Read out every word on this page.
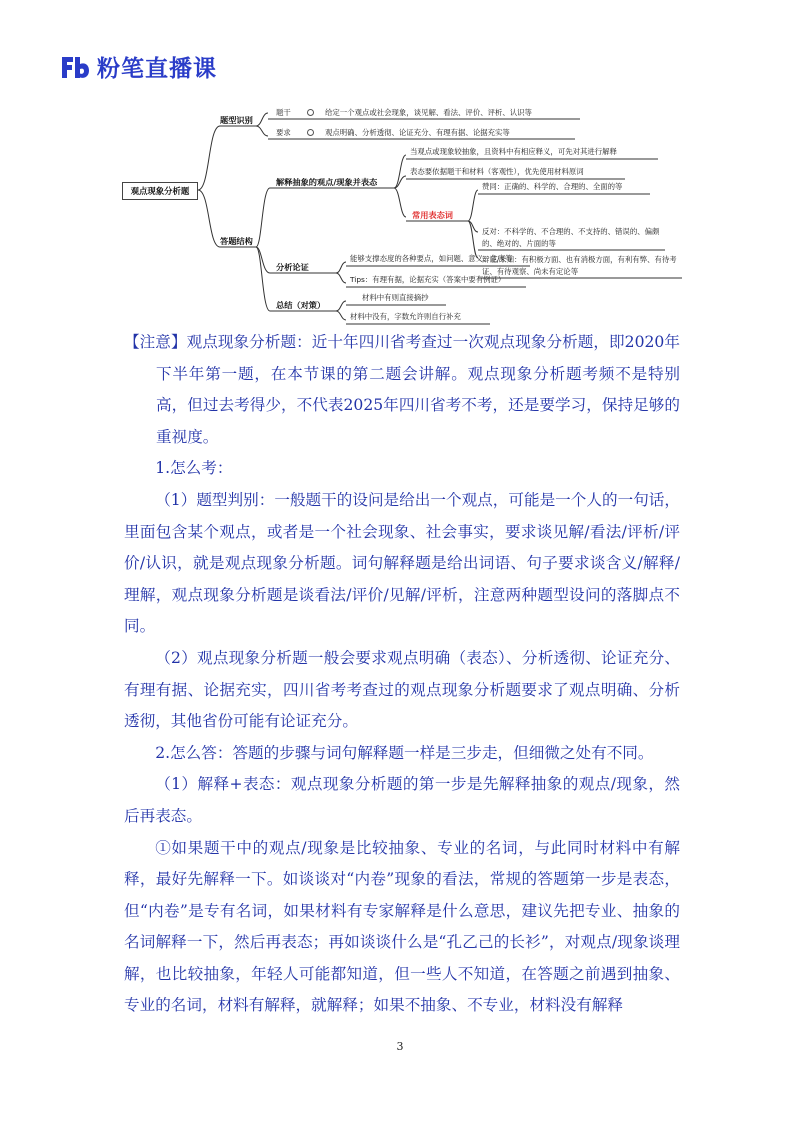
粉笔直播课
观点现象分析题
题型识别
题干	给定一个观点或社会现象，谈见解、看法、评价、评析、认识等
要求	观点明确、分析透彻、论证充分、有理有据、论据充实等
答题结构
解释抽象的观点/现象并表态
当观点或现象较抽象，且资料中有相应释义，可先对其进行解释
表态要依据题干和材料（客观性），优先使用材料原词
常用表态词
赞同：正确的、科学的、合理的、全面的等
反对：不科学的、不合理的、不支持的、错误的、偏颇的、绝对的、片面的等
辩证/未知：有积极方面、也有消极方面，有利有弊、有待考证、有待观察、尚未有定论等
分析论证
能够支撑态度的各种要点，如问题、意义、危害等
Tips：有理有据，论据充实（答案中要有例证）
总结（对策）
材料中有则直接摘抄
材料中没有，字数允许则自行补充

【注意】观点现象分析题：近十年四川省考查过一次观点现象分析题，即2020年下半年第一题，在本节课的第二题会讲解。观点现象分析题考频不是特别高，但过去考得少，不代表2025年四川省考不考，还是要学习，保持足够的重视度。

1.怎么考：

（1）题型判别：一般题干的设问是给出一个观点，可能是一个人的一句话，里面包含某个观点，或者是一个社会现象、社会事实，要求谈见解/看法/评析/评价/认识，就是观点现象分析题。词句解释题是给出词语、句子要求谈含义/解释/理解，观点现象分析题是谈看法/评价/见解/评析，注意两种题型设问的落脚点不同。

（2）观点现象分析题一般会要求观点明确（表态）、分析透彻、论证充分、有理有据、论据充实，四川省考考查过的观点现象分析题要求了观点明确、分析透彻，其他省份可能有论证充分。

2.怎么答：答题的步骤与词句解释题一样是三步走，但细微之处有不同。

（1）解释+表态：观点现象分析题的第一步是先解释抽象的观点/现象，然后再表态。

①如果题干中的观点/现象是比较抽象、专业的名词，与此同时材料中有解释，最好先解释一下。如谈谈对“内卷”现象的看法，常规的答题第一步是表态，但“内卷”是专有名词，如果材料有专家解释是什么意思，建议先把专业、抽象的名词解释一下，然后再表态；再如谈谈什么是“孔乙己的长衫”，对观点/现象谈理解，也比较抽象，年轻人可能都知道，但一些人不知道，在答题之前遇到抽象、专业的名词，材料有解释，就解释；如果不抽象、不专业，材料没有解释

3
